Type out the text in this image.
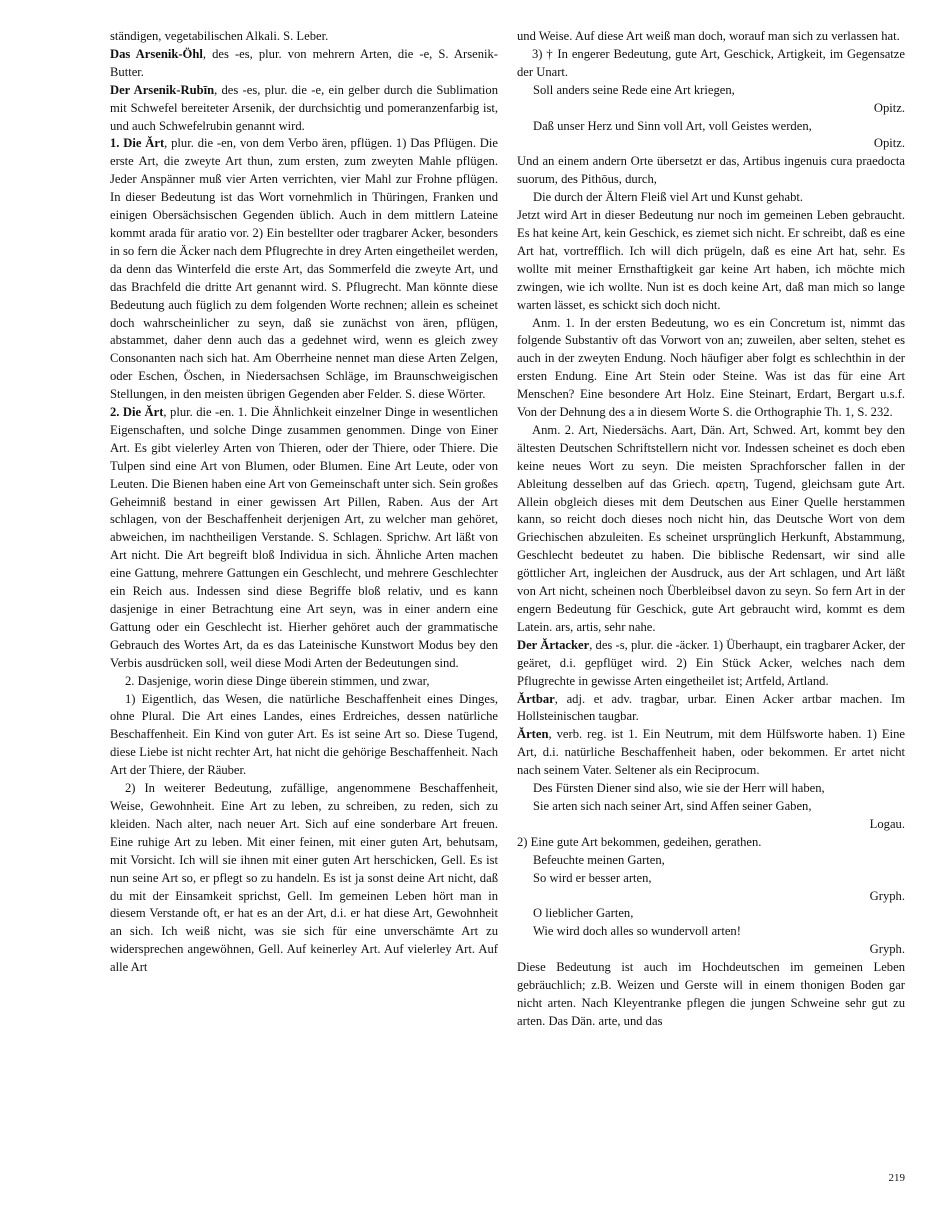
ständigen, vegetabilischen Alkali. S. Leber.

Das Arsenik-Öhl, des -es, plur. von mehrern Arten, die -e, S. Arsenik-Butter.

Der Arsenik-Rubīn, des -es, plur. die -e, ein gelber durch die Sublimation mit Schwefel bereiteter Arsenik, der durchsichtig und pomeranzenfarbig ist, und auch Schwefelrubin genannt wird.

1. Die Ărt, plur. die -en, von dem Verbo ären, pflügen. 1) Das Pflügen. Die erste Art, die zweyte Art thun, zum ersten, zum zweyten Mahle pflügen. Jeder Anspänner muß vier Arten verrichten, vier Mahl zur Frohne pflügen. In dieser Bedeutung ist das Wort vornehmlich in Thüringen, Franken und einigen Obersächsischen Gegenden üblich. Auch in dem mittlern Lateine kommt arada für aratio vor. 2) Ein bestellter oder tragbarer Acker, besonders in so fern die Äcker nach dem Pflugrechte in drey Arten eingetheilet werden, da denn das Winterfeld die erste Art, das Sommerfeld die zweyte Art, und das Brachfeld die dritte Art genannt wird. S. Pflugrecht. Man könnte diese Bedeutung auch füglich zu dem folgenden Worte rechnen; allein es scheinet doch wahrscheinlicher zu seyn, daß sie zunächst von ären, pflügen, abstammet, daher denn auch das a gedehnet wird, wenn es gleich zwey Consonanten nach sich hat. Am Oberrheine nennet man diese Arten Zelgen, oder Eschen, Öschen, in Niedersachsen Schläge, im Braunschweigischen Stellungen, in den meisten übrigen Gegenden aber Felder. S. diese Wörter.

2. Die Ărt, plur. die -en. 1. Die Ähnlichkeit einzelner Dinge in wesentlichen Eigenschaften, und solche Dinge zusammen genommen. Dinge von Einer Art. Es gibt vielerley Arten von Thieren, oder der Thiere, oder Thiere. Die Tulpen sind eine Art von Blumen, oder Blumen. Eine Art Leute, oder von Leuten. Die Bienen haben eine Art von Gemeinschaft unter sich. Sein großes Geheimniß bestand in einer gewissen Art Pillen, Raben. Aus der Art schlagen, von der Beschaffenheit derjenigen Art, zu welcher man gehöret, abweichen, im nachtheiligen Verstande. S. Schlagen. Sprichw. Art läßt von Art nicht. Die Art begreift bloß Individua in sich. Ähnliche Arten machen eine Gattung, mehrere Gattungen ein Geschlecht, und mehrere Geschlechter ein Reich aus. Indessen sind diese Begriffe bloß relativ, und es kann dasjenige in einer Betrachtung eine Art seyn, was in einer andern eine Gattung oder ein Geschlecht ist. Hierher gehöret auch der grammatische Gebrauch des Wortes Art, da es das Lateinische Kunstwort Modus bey den Verbis ausdrücken soll, weil diese Modi Arten der Bedeutungen sind.

2. Dasjenige, worin diese Dinge überein stimmen, und zwar,

1) Eigentlich, das Wesen, die natürliche Beschaffenheit eines Dinges, ohne Plural. Die Art eines Landes, eines Erdreiches, dessen natürliche Beschaffenheit. Ein Kind von guter Art. Es ist seine Art so. Diese Tugend, diese Liebe ist nicht rechter Art, hat nicht die gehörige Beschaffenheit. Nach Art der Thiere, der Räuber.

2) In weiterer Bedeutung, zufällige, angenommene Beschaffenheit, Weise, Gewohnheit. Eine Art zu leben, zu schreiben, zu reden, sich zu kleiden. Nach alter, nach neuer Art. Sich auf eine sonderbare Art freuen. Eine ruhige Art zu leben. Mit einer feinen, mit einer guten Art, behutsam, mit Vorsicht. Ich will sie ihnen mit einer guten Art herschicken, Gell. Es ist nun seine Art so, er pflegt so zu handeln. Es ist ja sonst deine Art nicht, daß du mit der Einsamkeit sprichst, Gell. Im gemeinen Leben hört man in diesem Verstande oft, er hat es an der Art, d.i. er hat diese Art, Gewohnheit an sich. Ich weiß nicht, was sie sich für eine unverschämte Art zu widersprechen angewöhnen, Gell. Auf keinerley Art. Auf vielerley Art. Auf alle Art

und Weise. Auf diese Art weiß man doch, worauf man sich zu verlassen hat.

3) † In engerer Bedeutung, gute Art, Geschick, Artigkeit, im Gegensatze der Unart.

Soll anders seine Rede eine Art kriegen,

Opitz.

Daß unser Herz und Sinn voll Art, voll Geistes werden,

Opitz.

Und an einem andern Orte übersetzt er das, Artibus ingenuis cura praedocta suorum, des Pithōus, durch,

Die durch der Ältern Fleiß viel Art und Kunst gehabt.

Jetzt wird Art in dieser Bedeutung nur noch im gemeinen Leben gebraucht. Es hat keine Art, kein Geschick, es ziemet sich nicht. Er schreibt, daß es eine Art hat, vortrefflich. Ich will dich prügeln, daß es eine Art hat, sehr. Es wollte mit meiner Ernsthaftigkeit gar keine Art haben, ich möchte mich zwingen, wie ich wollte. Nun ist es doch keine Art, daß man mich so lange warten lässet, es schickt sich doch nicht.

Anm. 1. In der ersten Bedeutung, wo es ein Concretum ist, nimmt das folgende Substantiv oft das Vorwort von an; zuweilen, aber selten, stehet es auch in der zweyten Endung. Noch häufiger aber folgt es schlechthin in der ersten Endung. Eine Art Stein oder Steine. Was ist das für eine Art Menschen? Eine besondere Art Holz. Eine Steinart, Erdart, Bergart u.s.f. Von der Dehnung des a in diesem Worte S. die Orthographie Th. 1, S. 232.

Anm. 2. Art, Niedersächs. Aart, Dän. Art, Schwed. Art, kommt bey den ältesten Deutschen Schriftstellern nicht vor. Indessen scheinet es doch eben keine neues Wort zu seyn. Die meisten Sprachforscher fallen in der Ableitung desselben auf das Griech. αρετη, Tugend, gleichsam gute Art. Allein obgleich dieses mit dem Deutschen aus Einer Quelle herstammen kann, so reicht doch dieses noch nicht hin, das Deutsche Wort von dem Griechischen abzuleiten. Es scheinet ursprünglich Herkunft, Abstammung, Geschlecht bedeutet zu haben. Die biblische Redensart, wir sind alle göttlicher Art, ingleichen der Ausdruck, aus der Art schlagen, und Art läßt von Art nicht, scheinen noch Überbleibsel davon zu seyn. So fern Art in der engern Bedeutung für Geschick, gute Art gebraucht wird, kommt es dem Latein. ars, artis, sehr nahe.

Der Ărtacker, des -s, plur. die -äcker. 1) Überhaupt, ein tragbarer Acker, der geäret, d.i. gepflüget wird. 2) Ein Stück Acker, welches nach dem Pflugrechte in gewisse Arten eingetheilet ist; Artfeld, Artland.

Ărtbar, adj. et adv. tragbar, urbar. Einen Acker artbar machen. Im Hollsteinischen taugbar.

Ărten, verb. reg. ist 1. Ein Neutrum, mit dem Hülfsworte haben. 1) Eine Art, d.i. natürliche Beschaffenheit haben, oder bekommen. Er artet nicht nach seinem Vater. Seltener als ein Reciprocum.

Des Fürsten Diener sind also, wie sie der Herr will haben,

Sie arten sich nach seiner Art, sind Affen seiner Gaben,

Logau.

2) Eine gute Art bekommen, gedeihen, gerathen.

Befeuchte meinen Garten,

So wird er besser arten,

Gryph.

O lieblicher Garten,

Wie wird doch alles so wundervoll arten!

Gryph.

Diese Bedeutung ist auch im Hochdeutschen im gemeinen Leben gebräuchlich; z.B. Weizen und Gerste will in einem thonigen Boden gar nicht arten. Nach Kleyentranke pflegen die jungen Schweine sehr gut zu arten. Das Dän. arte, und das

219
